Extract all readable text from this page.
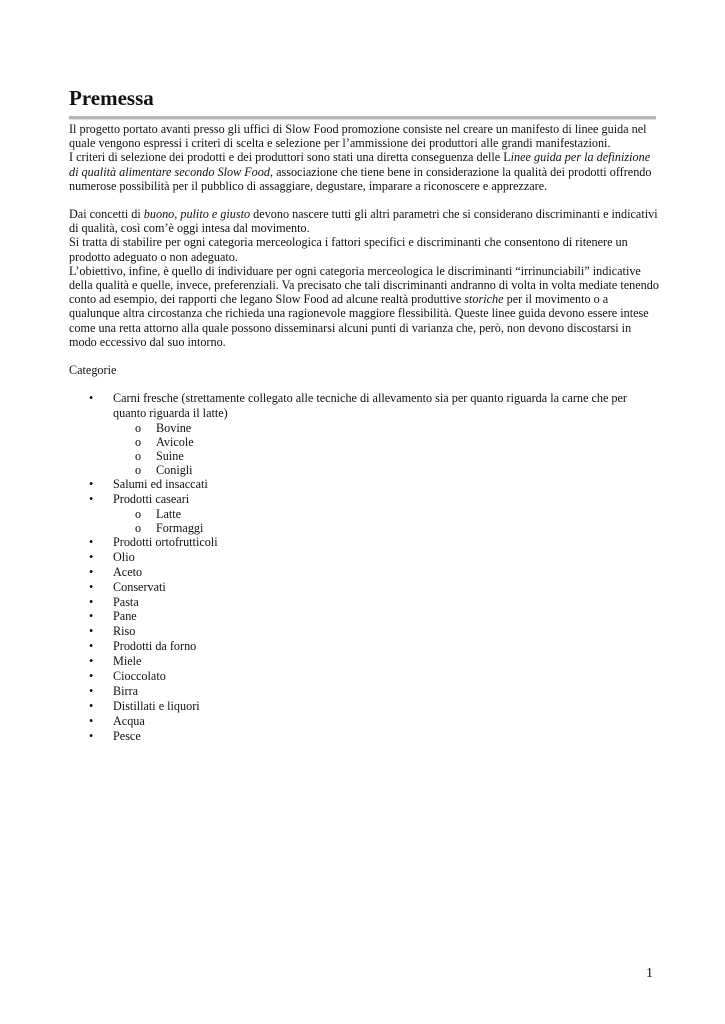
Premessa

Il progetto portato avanti presso gli uffici di Slow Food promozione consiste nel creare un manifesto di linee guida nel quale vengono espressi i criteri di scelta e selezione per l’ammissione dei produttori alle grandi manifestazioni.

I criteri di selezione dei prodotti e dei produttori sono stati una diretta conseguenza delle Linee guida per la definizione di qualità alimentare secondo Slow Food, associazione che tiene bene in considerazione la qualità dei prodotti offrendo numerose possibilità per il pubblico di assaggiare, degustare, imparare a riconoscere e apprezzare.

Dai concetti di buono, pulito e giusto devono nascere tutti gli altri parametri che si considerano discriminanti e indicativi di qualità, così com’è oggi intesa dal movimento.

Si tratta di stabilire per ogni categoria merceologica i fattori specifici e discriminanti che consentono di ritenere un prodotto adeguato o non adeguato.

L’obiettivo, infine, è quello di individuare per ogni categoria merceologica le discriminanti “irrinunciabili” indicative della qualità e quelle, invece, preferenziali. Va precisato che tali discriminanti andranno di volta in volta mediate tenendo conto ad esempio, dei rapporti che legano Slow Food ad alcune realtà produttive storiche per il movimento o a qualunque altra circostanza che richieda una ragionevole maggiore flessibilità. Queste linee guida devono essere intese come una retta attorno alla quale possono disseminarsi alcuni punti di varianza che, però, non devono discostarsi in modo eccessivo dal suo intorno.

Categorie

• Carni fresche (strettamente collegato alle tecniche di allevamento sia per quanto riguarda la carne che per quanto riguarda il latte)
o Bovine
o Avicole
o Suine
o Conigli
• Salumi ed insaccati
• Prodotti caseari
o Latte
o Formaggi
• Prodotti ortofrutticoli
• Olio
• Aceto
• Conservati
• Pasta
• Pane
• Riso
• Prodotti da forno
• Miele
• Cioccolato
• Birra
• Distillati e liquori
• Acqua
• Pesce
1
